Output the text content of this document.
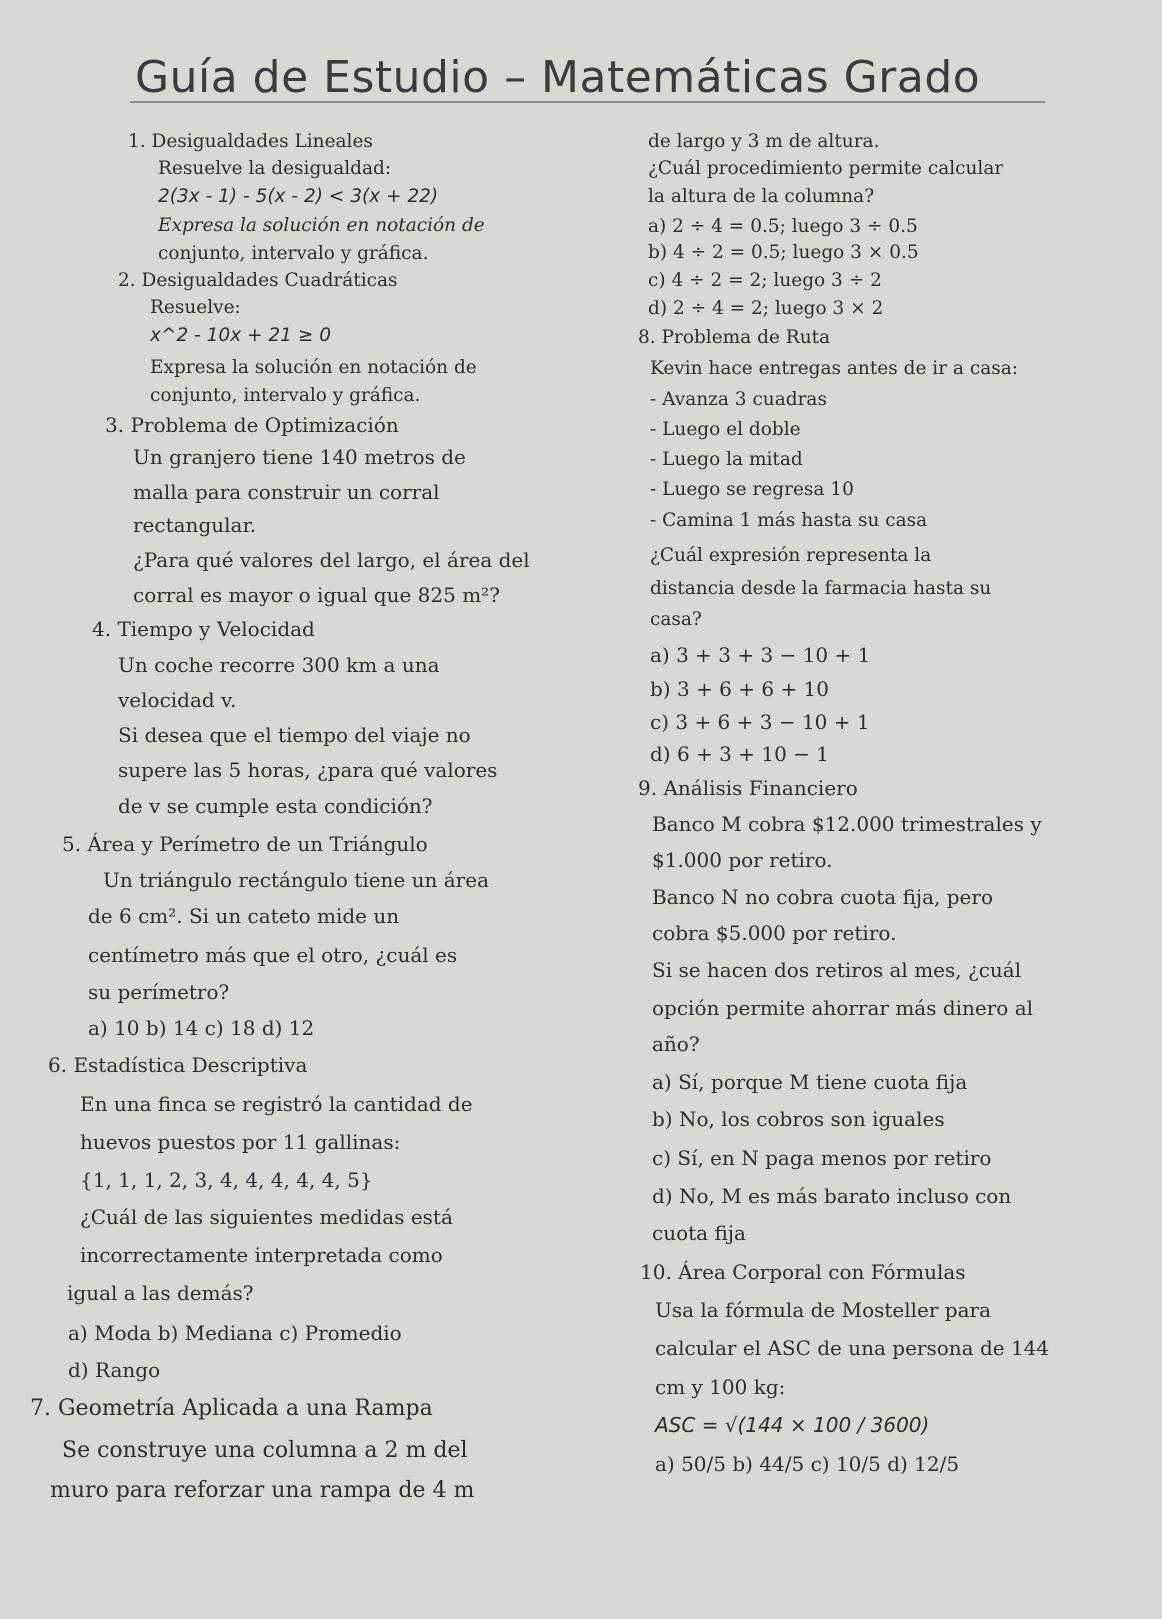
Guía de Estudio – Matemáticas Grado
1. Desigualdades Lineales
Resuelve la desigualdad:
2(3x - 1) - 5(x - 2) < 3(x + 22)
Expresa la solución en notación de
conjunto, intervalo y gráfica.
2. Desigualdades Cuadráticas
Resuelve:
x^2 - 10x + 21 ≥ 0
Expresa la solución en notación de
conjunto, intervalo y gráfica.
3. Problema de Optimización
Un granjero tiene 140 metros de
malla para construir un corral
rectangular.
¿Para qué valores del largo, el área del
corral es mayor o igual que 825 m²?
4. Tiempo y Velocidad
Un coche recorre 300 km a una
velocidad v.
Si desea que el tiempo del viaje no
supere las 5 horas, ¿para qué valores
de v se cumple esta condición?
5. Área y Perímetro de un Triángulo
Un triángulo rectángulo tiene un área
de 6 cm². Si un cateto mide un
centímetro más que el otro, ¿cuál es
su perímetro?
a) 10 b) 14 c) 18 d) 12
6. Estadística Descriptiva
En una finca se registró la cantidad de
huevos puestos por 11 gallinas:
{1, 1, 1, 2, 3, 4, 4, 4, 4, 4, 5}
¿Cuál de las siguientes medidas está
incorrectamente interpretada como
igual a las demás?
a) Moda b) Mediana c) Promedio
d) Rango
7. Geometría Aplicada a una Rampa
Se construye una columna a 2 m del
muro para reforzar una rampa de 4 m
de largo y 3 m de altura.
¿Cuál procedimiento permite calcular
la altura de la columna?
a) 2 ÷ 4 = 0.5; luego 3 ÷ 0.5
b) 4 ÷ 2 = 0.5; luego 3 × 0.5
c) 4 ÷ 2 = 2; luego 3 ÷ 2
d) 2 ÷ 4 = 2; luego 3 × 2
8. Problema de Ruta
Kevin hace entregas antes de ir a casa:
- Avanza 3 cuadras
- Luego el doble
- Luego la mitad
- Luego se regresa 10
- Camina 1 más hasta su casa
¿Cuál expresión representa la
distancia desde la farmacia hasta su
casa?
a) 3 + 3 + 3 − 10 + 1
b) 3 + 6 + 6 + 10
c) 3 + 6 + 3 − 10 + 1
d) 6 + 3 + 10 − 1
9. Análisis Financiero
Banco M cobra $12.000 trimestrales y
$1.000 por retiro.
Banco N no cobra cuota fija, pero
cobra $5.000 por retiro.
Si se hacen dos retiros al mes, ¿cuál
opción permite ahorrar más dinero al
año?
a) Sí, porque M tiene cuota fija
b) No, los cobros son iguales
c) Sí, en N paga menos por retiro
d) No, M es más barato incluso con
cuota fija
10. Área Corporal con Fórmulas
Usa la fórmula de Mosteller para
calcular el ASC de una persona de 144
cm y 100 kg:
ASC = √(144 × 100 / 3600)
a) 50/5 b) 44/5 c) 10/5 d) 12/5
